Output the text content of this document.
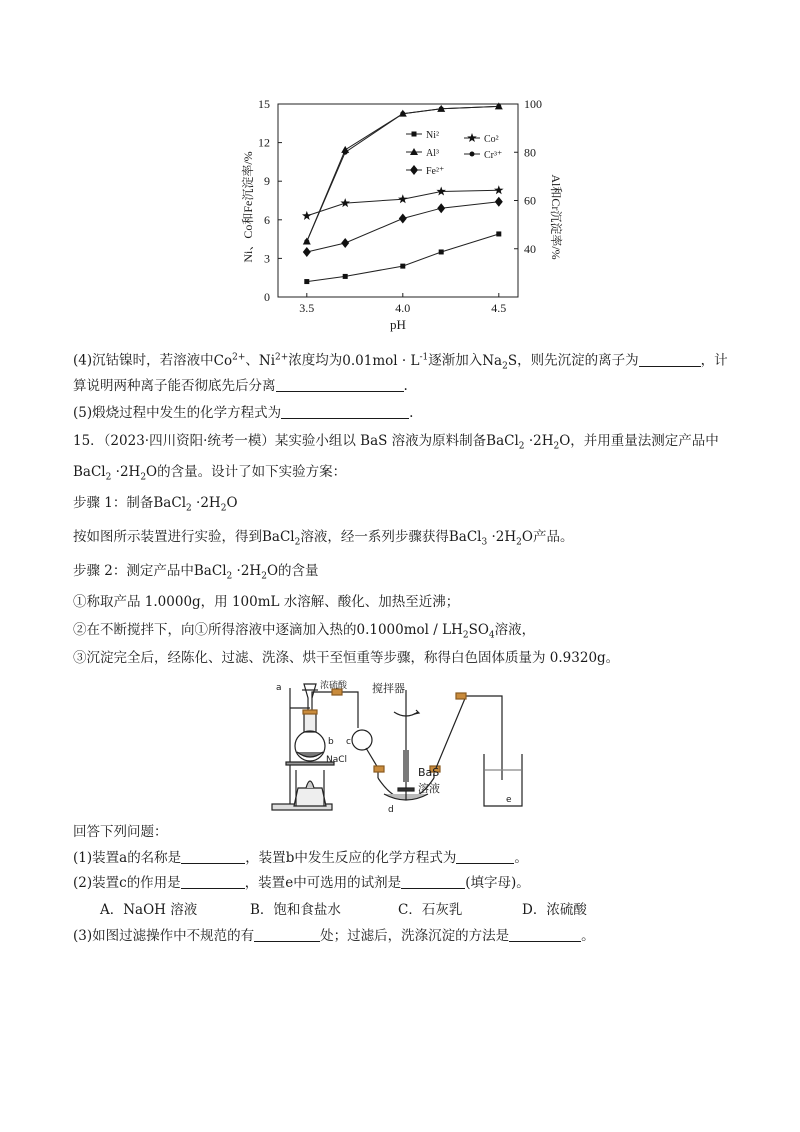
3.5	4.0	4.5
0
3
6
9
12
15
40
60
80
100
Ni²	Co²
Al³	Cr³⁺
Fe²⁺
pH
Ni、Co和Fe沉淀率/%	Al和Cr沉淀率/%
(4)沉钴镍时，若溶液中$Co^{2+}$、$Ni^{2+}$浓度均为$0.01mol \cdot L^{-1}$逐渐加入$Na_2S$，则先沉淀的离子为	，计
算说明两种离子能否彻底先后分离	.
(5)煅烧过程中发生的化学方程式为	.
15．（2023·四川资阳·统考一模）某实验小组以 BaS 溶液为原料制备BaCl$_2$ $\cdot 2H_2O$，并用重量法测定产品中
BaCl$_2$ $\cdot 2H_2O$的含量。设计了如下实验方案：
步骤 1：制备BaCl$_2$ $\cdot 2H_2O$
按如图所示装置进行实验，得到BaCl$_2$溶液，经一系列步骤获得BaCl$_3$ $\cdot 2H_2O$产品。
步骤 2：测定产品中BaCl$_2$ $\cdot 2H_2O$的含量
①称取产品 1.0000g，用 100mL 水溶解、酸化、加热至近沸；
②在不断搅拌下，向①所得溶液中逐滴加入热的$0.1000mol / LH_2SO_4$溶液，
③沉淀完全后，经陈化、过滤、洗涤、烘干至恒重等步骤，称得白色固体质量为 0.9320g。
a	浓硫酸 搅拌器
b c
NaCl
BaS
溶液
d
e
回答下列问题：
(1)装置a的名称是	，装置b中发生反应的化学方程式为	。
(2)装置c的作用是	，装置e中可选用的试剂是	(填字母)。
A．NaOH 溶液	B．饱和食盐水	C．石灰乳	D．浓硫酸
(3)如图过滤操作中不规范的有	处；过滤后，洗涤沉淀的方法是	。
